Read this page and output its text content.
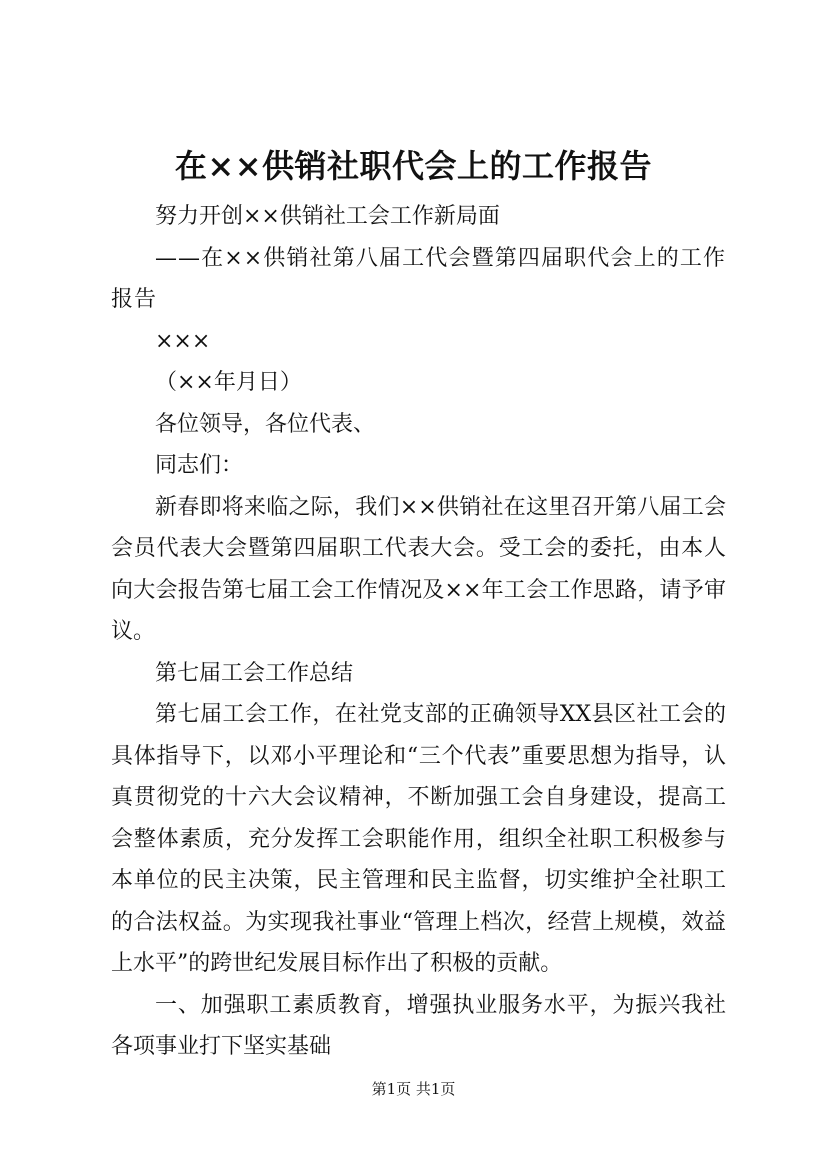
在××供销社职代会上的工作报告

努力开创××供销社工会工作新局面

——在××供销社第八届工代会暨第四届职代会上的工作报告

×××

（××年月日）

各位领导，各位代表、

同志们：

新春即将来临之际，我们××供销社在这里召开第八届工会会员代表大会暨第四届职工代表大会。受工会的委托，由本人向大会报告第七届工会工作情况及××年工会工作思路，请予审议。

第七届工会工作总结

第七届工会工作，在社党支部的正确领导XX县区社工会的具体指导下，以邓小平理论和“三个代表”重要思想为指导，认真贯彻党的十六大会议精神，不断加强工会自身建设，提高工会整体素质，充分发挥工会职能作用，组织全社职工积极参与本单位的民主决策，民主管理和民主监督，切实维护全社职工的合法权益。为实现我社事业“管理上档次，经营上规模，效益上水平”的跨世纪发展目标作出了积极的贡献。

一、加强职工素质教育，增强执业服务水平，为振兴我社各项事业打下坚实基础

第1页 共1页
